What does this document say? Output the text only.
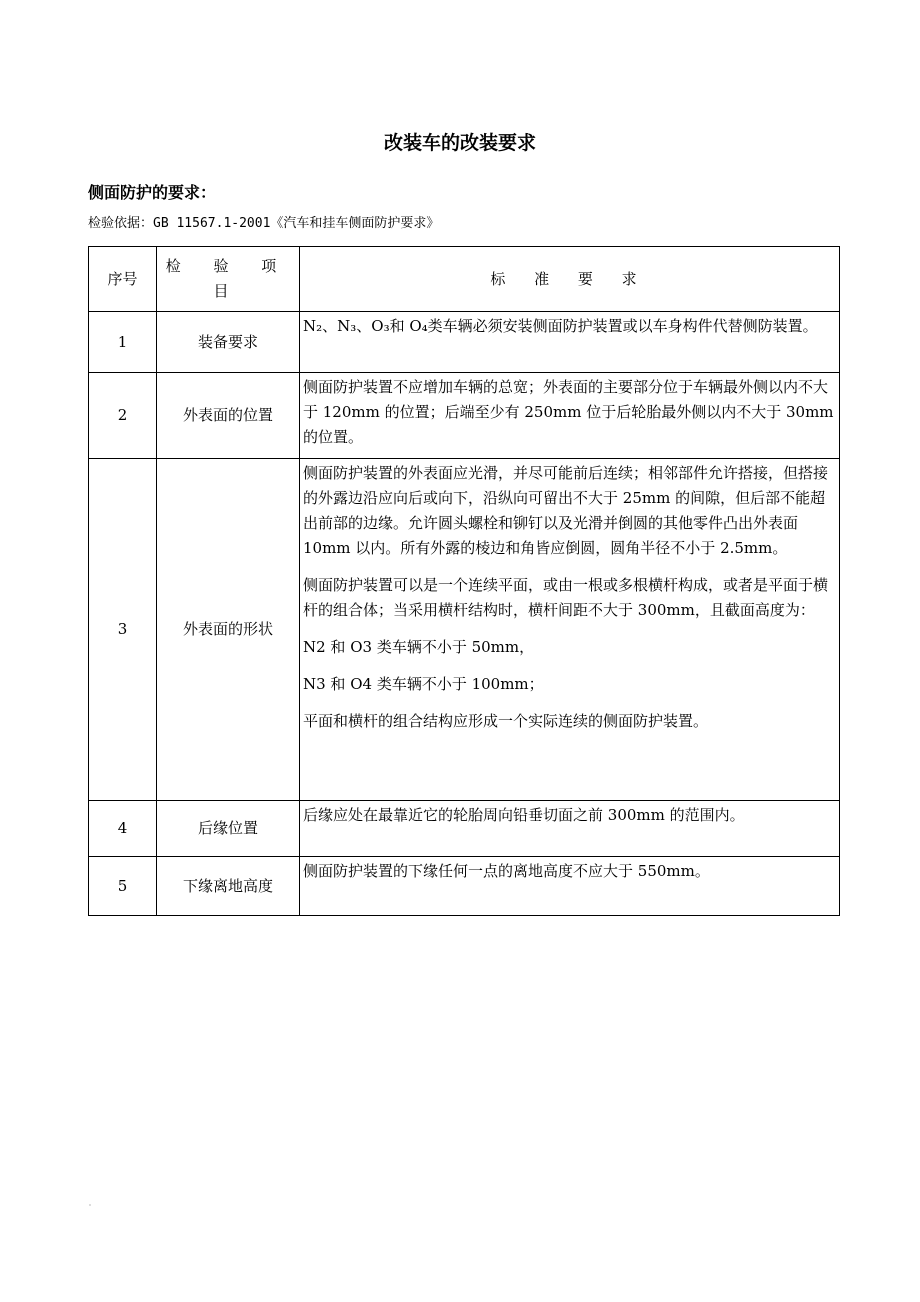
改装车的改装要求
侧面防护的要求：
检验依据：GB 11567.1-2001《汽车和挂车侧面防护要求》
序号	检 验 项 目	标 准 要 求
1	装备要求	N₂、N₃、O₃和 O₄类车辆必须安装侧面防护装置或以车身构件代替侧防装置。

2	外表面的位置	侧面防护装置不应增加车辆的总宽；外表面的主要部分位于车辆最外侧以内不大于 120mm 的位置；后端至少有 250mm 位于后轮胎最外侧以内不大于 30mm 的位置。

3	外表面的形状	侧面防护装置的外表面应光滑，并尽可能前后连续；相邻部件允许搭接，但搭接的外露边沿应向后或向下，沿纵向可留出不大于 25mm 的间隙，但后部不能超出前部的边缘。允许圆头螺栓和铆钉以及光滑并倒圆的其他零件凸出外表面 10mm 以内。所有外露的棱边和角皆应倒圆，圆角半径不小于 2.5mm。

侧面防护装置可以是一个连续平面，或由一根或多根横杆构成，或者是平面于横杆的组合体；当采用横杆结构时，横杆间距不大于 300mm，且截面高度为：

N2 和 O3 类车辆不小于 50mm，

N3 和 O4 类车辆不小于 100mm；

平面和横杆的组合结构应形成一个实际连续的侧面防护装置。

4	后缘位置	后缘应处在最靠近它的轮胎周向铅垂切面之前 300mm 的范围内。

5	下缘离地高度	侧面防护装置的下缘任何一点的离地高度不应大于 550mm。
